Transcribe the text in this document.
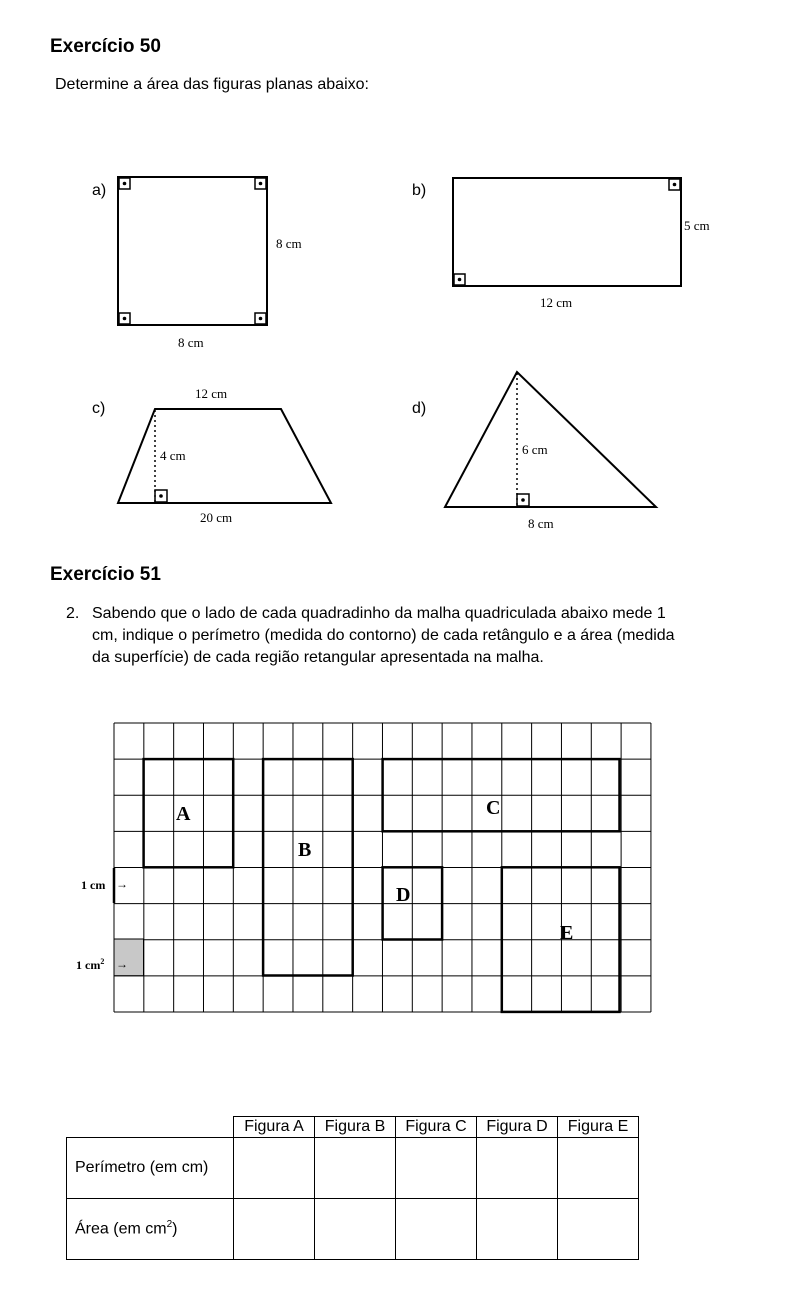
Exercício 50
Determine a área das figuras planas abaixo:
a)
8 cm
8 cm
b)
5 cm
12 cm
c)
12 cm
4 cm
20 cm
d)
6 cm
8 cm
Exercício 51
2. Sabendo que o lado de cada quadradinho da malha quadriculada abaixo mede 1
cm, indique o perímetro (medida do contorno) de cada retângulo e a área (medida
da superfície) de cada região retangular apresentada na malha.
A
B
C
D
E
1 cm →
1 $cm^2$ →
	Figura A	Figura B	Figura C	Figura D	Figura E
Perímetro (em cm)					
Área (em $cm^2$)					
